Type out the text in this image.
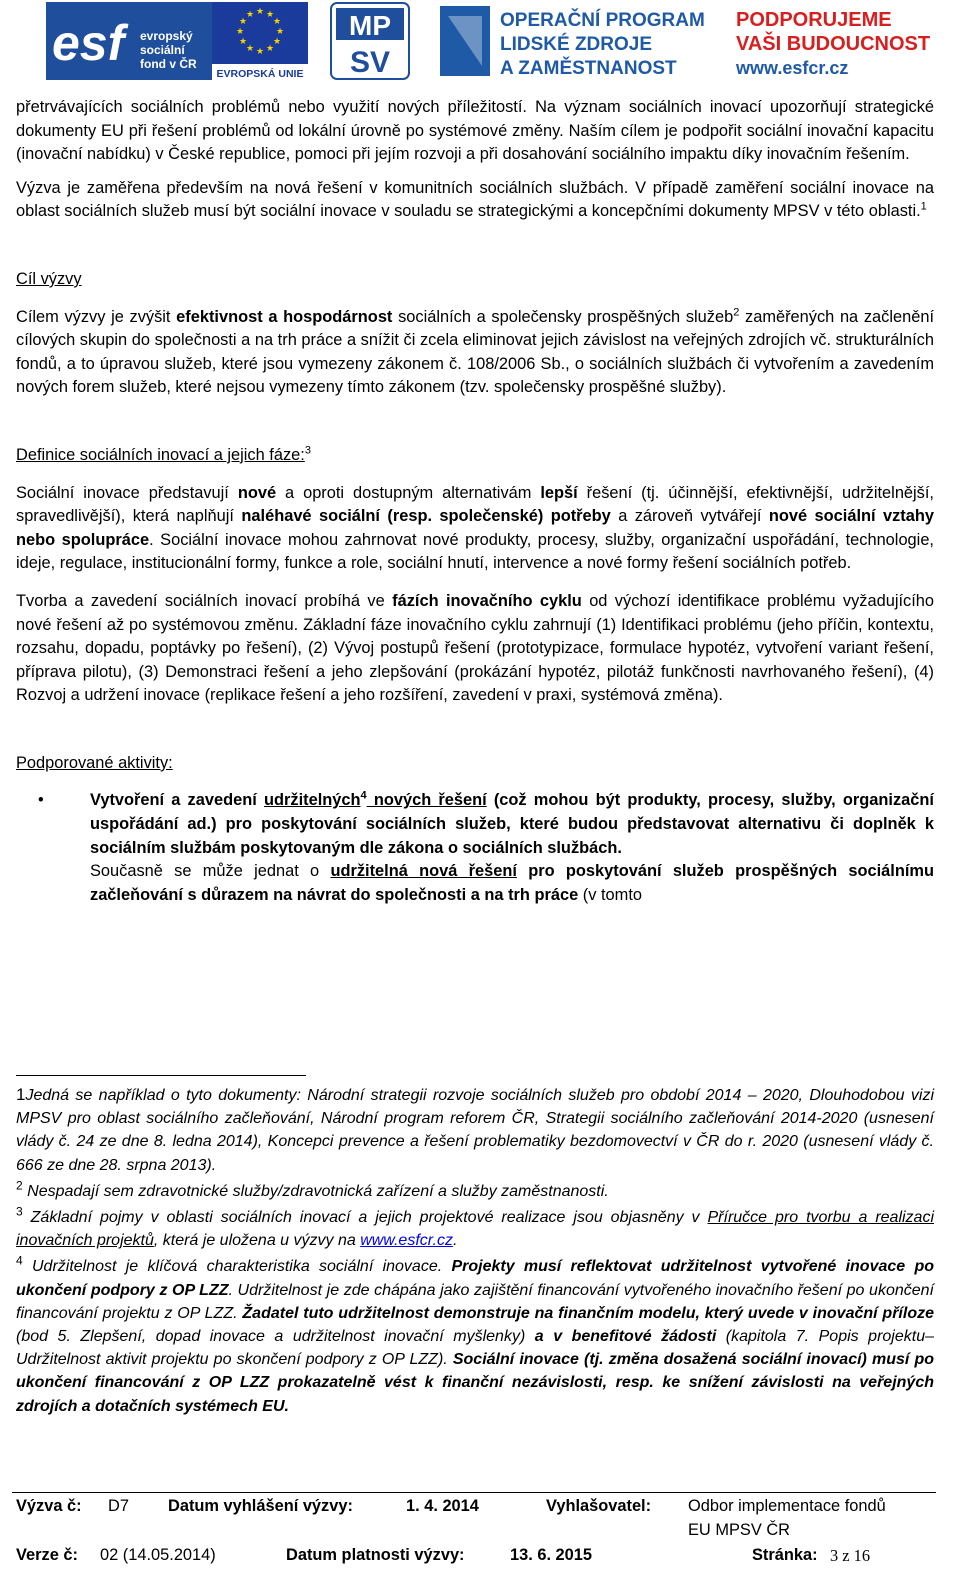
esf	evropský
sociální
fond v ČR
★ ★
★
★
★
★
★
★
★
★
★
★
EVROPSKÁ UNIE
MP
SV
OPERAČNÍ PROGRAM
LIDSKÉ ZDROJE
A ZAMĚSTNANOST
PODPORUJEME
VAŠI BUDOUCNOST
www.esfcr.cz

přetrvávajících sociálních problémů nebo využití nových příležitostí. Na význam sociálních inovací upozorňují strategické dokumenty EU při řešení problémů od lokální úrovně po systémové změny. Naším cílem je podpořit sociální inovační kapacitu (inovační nabídku) v České republice, pomoci při jejím rozvoji a při dosahování sociálního impaktu díky inovačním řešením.

Výzva je zaměřena především na nová řešení v komunitních sociálních službách. V případě zaměření sociální inovace na oblast sociálních služeb musí být sociální inovace v souladu se strategickými a koncepčními dokumenty MPSV v této oblasti.$^1$

Cíl výzvy

Cílem výzvy je zvýšit efektivnost a hospodárnost sociálních a společensky prospěšných služeb$^2$ zaměřených na začlenění cílových skupin do společnosti a na trh práce a snížit či zcela eliminovat jejich závislost na veřejných zdrojích vč. strukturálních fondů, a to úpravou služeb, které jsou vymezeny zákonem č. 108/2006 Sb., o sociálních službách či vytvořením a zavedením nových forem služeb, které nejsou vymezeny tímto zákonem (tzv. společensky prospěšné služby).

Definice sociálních inovací a jejich fáze:$^3$

Sociální inovace představují nové a oproti dostupným alternativám lepší řešení (tj. účinnější, efektivnější, udržitelnější, spravedlivější), která naplňují naléhavé sociální (resp. společenské) potřeby a zároveň vytvářejí nové sociální vztahy nebo spolupráce. Sociální inovace mohou zahrnovat nové produkty, procesy, služby, organizační uspořádání, technologie, ideje, regulace, institucionální formy, funkce a role, sociální hnutí, intervence a nové formy řešení sociálních potřeb.

Tvorba a zavedení sociálních inovací probíhá ve fázích inovačního cyklu od výchozí identifikace problému vyžadujícího nové řešení až po systémovou změnu. Základní fáze inovačního cyklu zahrnují (1) Identifikaci problému (jeho příčin, kontextu, rozsahu, dopadu, poptávky po řešení), (2) Vývoj postupů řešení (prototypizace, formulace hypotéz, vytvoření variant řešení, příprava pilotu), (3) Demonstraci řešení a jeho zlepšování (prokázání hypotéz, pilotáž funkčnosti navrhovaného řešení), (4) Rozvoj a udržení inovace (replikace řešení a jeho rozšíření, zavedení v praxi, systémová změna).

Podporované aktivity:

•	Vytvoření a zavedení udržitelných$^4$ nových řešení (což mohou být produkty, procesy, služby, organizační uspořádání ad.) pro poskytování sociálních služeb, které budou představovat alternativu či doplněk k sociálním službám poskytovaným dle zákona o sociálních službách.

Současně se může jednat o udržitelná nová řešení pro poskytování služeb prospěšných sociálnímu začleňování s důrazem na návrat do společnosti a na trh práce (v tomto

1Jedná se například o tyto dokumenty: Národní strategii rozvoje sociálních služeb pro období 2014 – 2020, Dlouhodobou vizi MPSV pro oblast sociálního začleňování, Národní program reforem ČR, Strategii sociálního začleňování 2014-2020 (usnesení vlády č. 24 ze dne 8. ledna 2014), Koncepci prevence a řešení problematiky bezdomovectví v ČR do r. 2020 (usnesení vlády č. 666 ze dne 28. srpna 2013).

$^2$ Nespadají sem zdravotnické služby/zdravotnická zařízení a služby zaměstnanosti.

$^3$ Základní pojmy v oblasti sociálních inovací a jejich projektové realizace jsou objasněny v Příručce pro tvorbu a realizaci inovačních projektů, která je uložena u výzvy na www.esfcr.cz.

$^4$ Udržitelnost je klíčová charakteristika sociální inovace. Projekty musí reflektovat udržitelnost vytvořené inovace po ukončení podpory z OP LZZ. Udržitelnost je zde chápána jako zajištění financování vytvořeného inovačního řešení po ukončení financování projektu z OP LZZ. Žadatel tuto udržitelnost demonstruje na finančním modelu, který uvede v inovační příloze (bod 5. Zlepšení, dopad inovace a udržitelnost inovační myšlenky) a v benefitové žádosti (kapitola 7. Popis projektu– Udržitelnost aktivit projektu po skončení podpory z OP LZZ). Sociální inovace (tj. změna dosažená sociální inovací) musí po ukončení financování z OP LZZ prokazatelně vést k finanční nezávislosti, resp. ke snížení závislosti na veřejných zdrojích a dotačních systémech EU.

Výzva č: D7 Datum vyhlášení výzvy:	1. 4. 2014	Vyhlašovatel: Odbor implementace fondů
EU MPSV ČR
Verze č: 02 (14.05.2014)	Datum platnosti výzvy:	13. 6. 2015	Stránka: 3 z 16
